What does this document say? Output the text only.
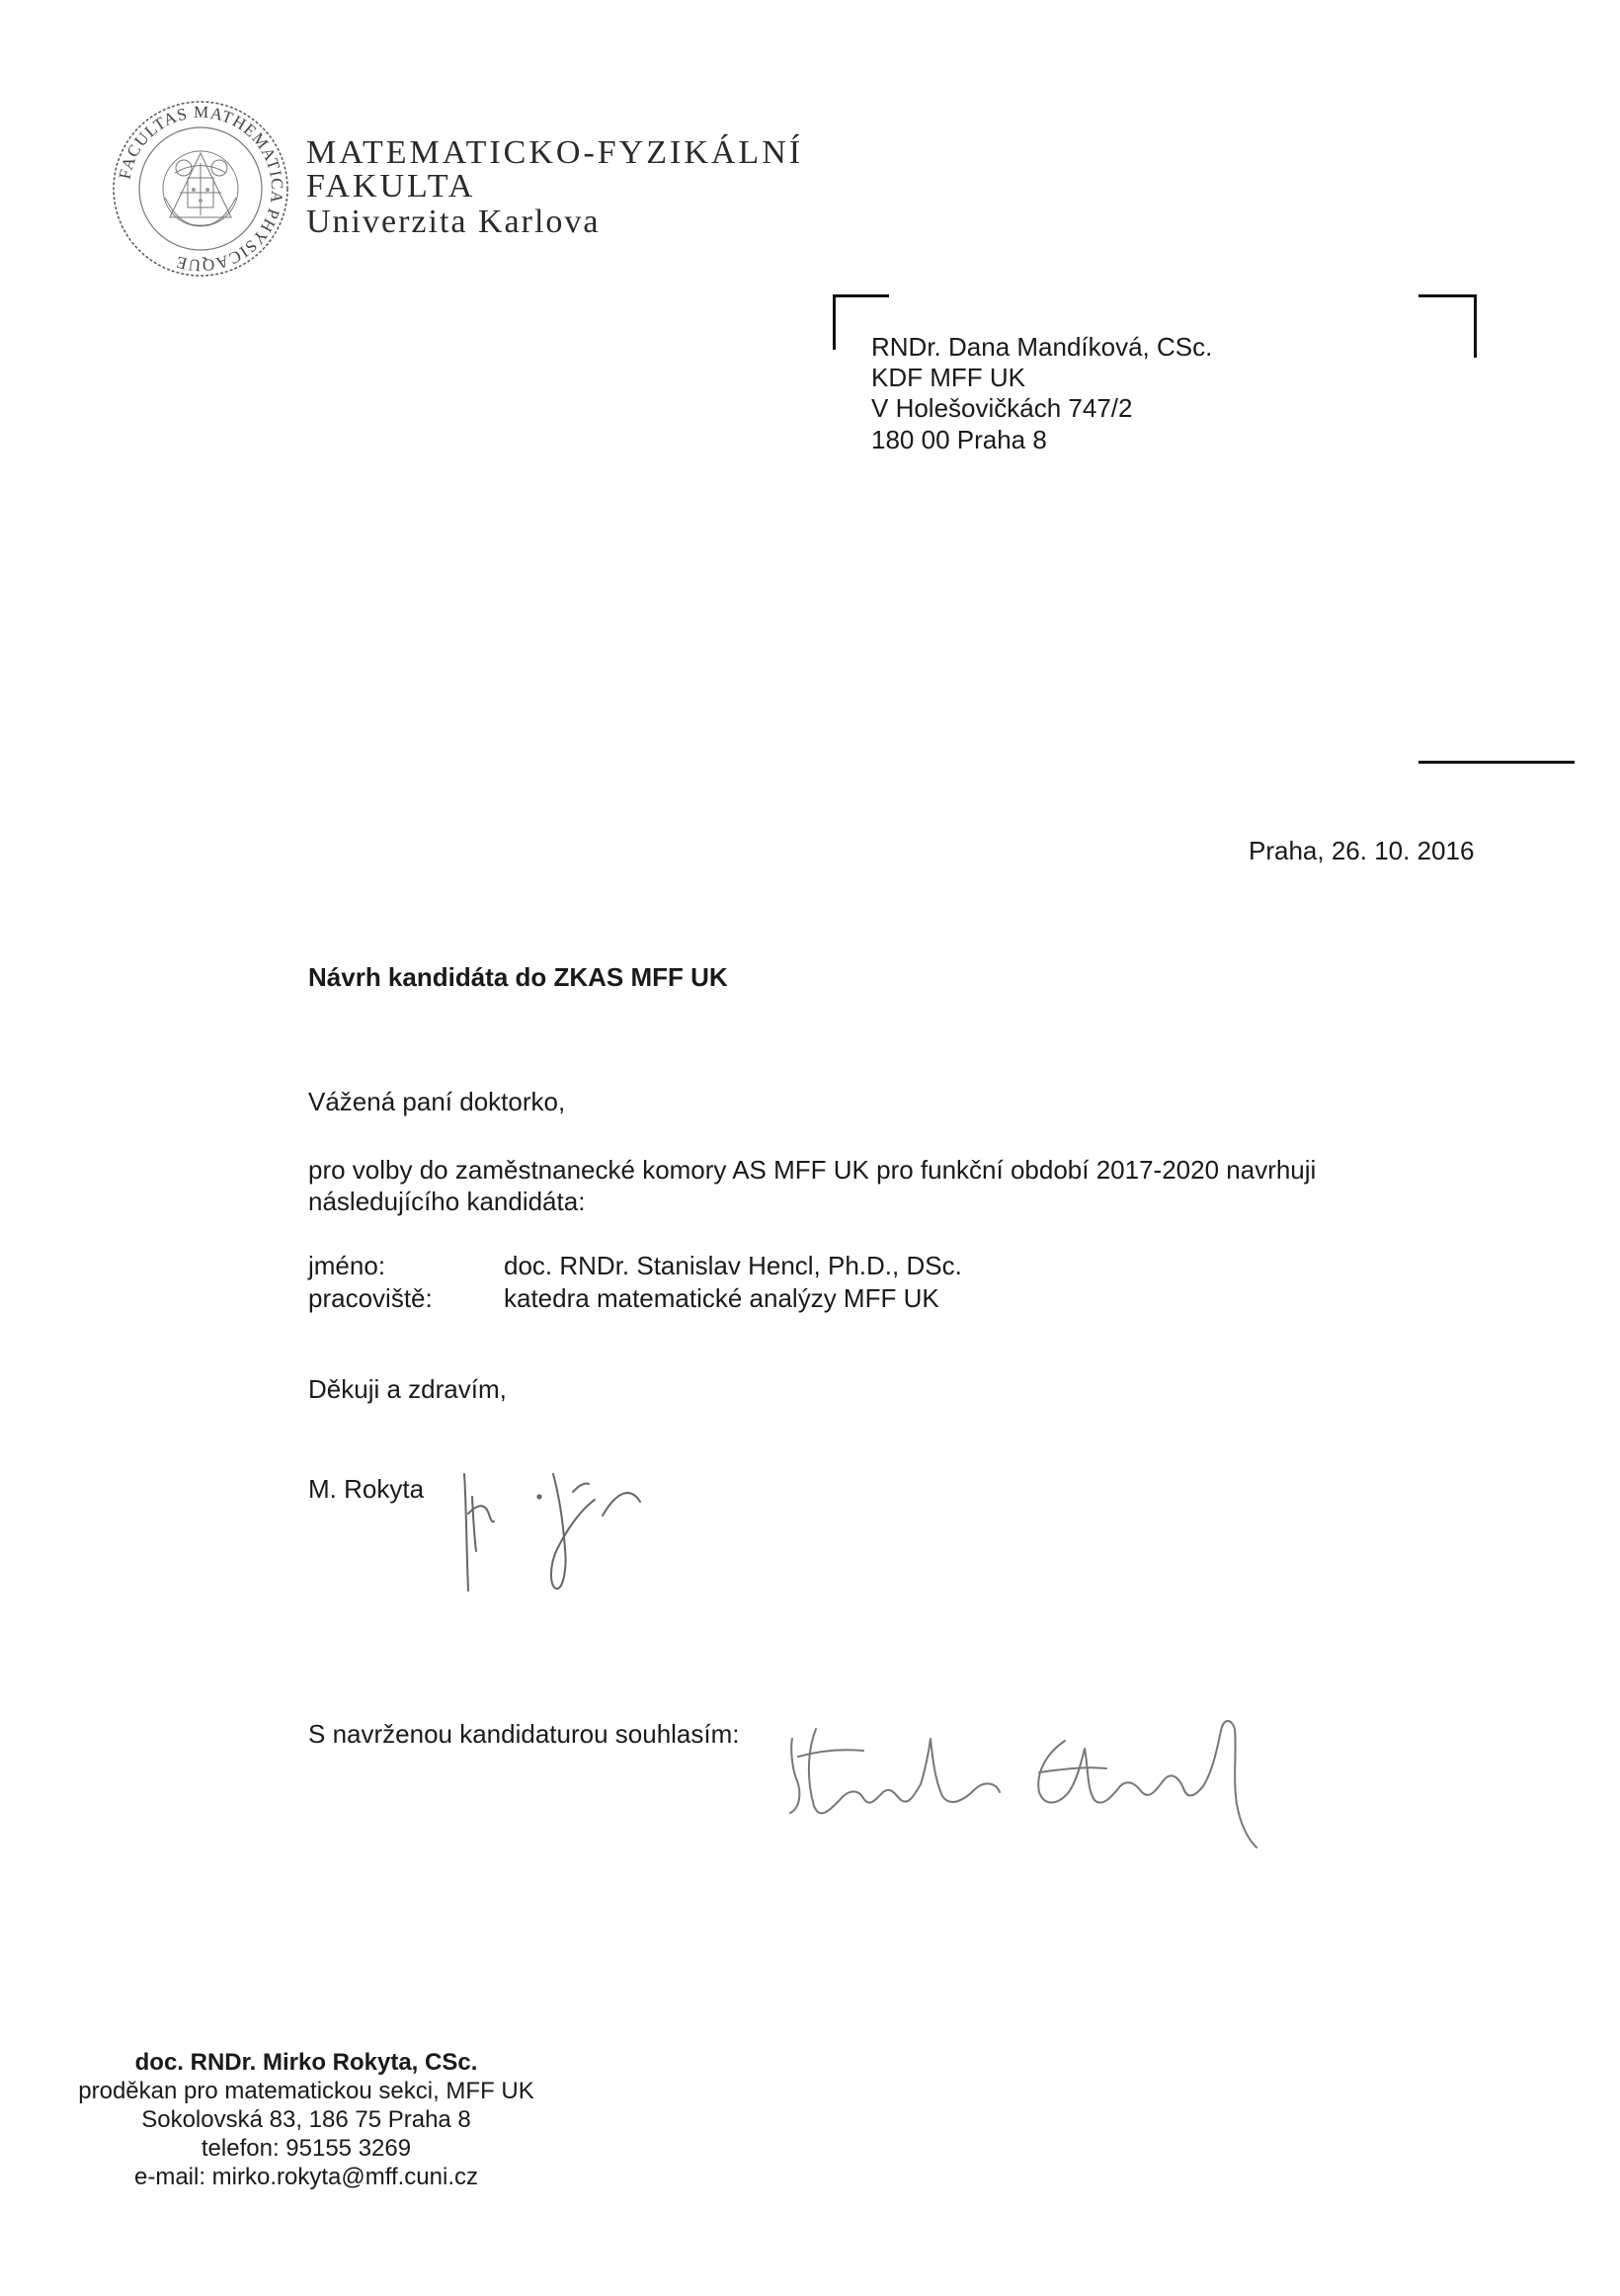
FACULTAS MATHEMATICA PHYSICAQUE
MATEMATICKO-FYZIKÁLNÍ
FAKULTA
Univerzita Karlova
RNDr. Dana Mandíková, CSc.
KDF MFF UK
V Holešovičkách 747/2
180 00 Praha 8
Praha, 26. 10. 2016
Návrh kandidáta do ZKAS MFF UK
Vážená paní doktorko,
pro volby do zaměstnanecké komory AS MFF UK pro funkční období 2017-2020 navrhuji
následujícího kandidáta:
jméno:	doc. RNDr. Stanislav Hencl, Ph.D., DSc.
pracoviště:	katedra matematické analýzy MFF UK
Děkuji a zdravím,
M. Rokyta
S navrženou kandidaturou souhlasím:
doc. RNDr. Mirko Rokyta, CSc.
proděkan pro matematickou sekci, MFF UK
Sokolovská 83, 186 75 Praha 8
telefon: 95155 3269
e-mail: mirko.rokyta@mff.cuni.cz
